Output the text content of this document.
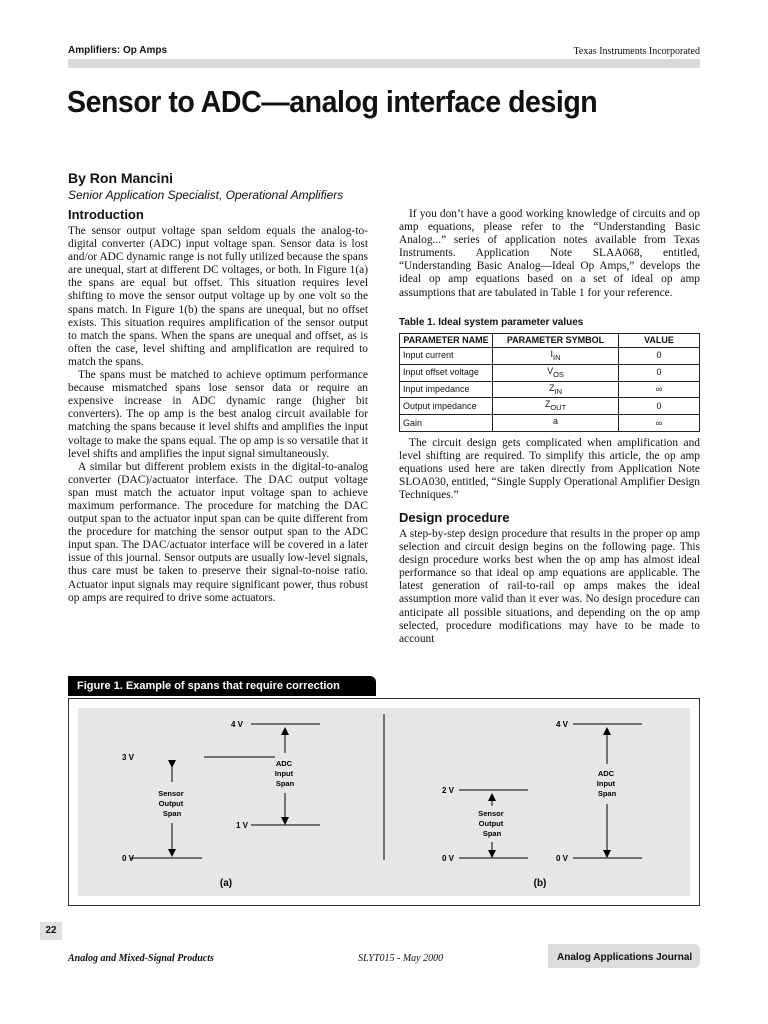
Amplifiers: Op Amps	Texas Instruments Incorporated
Sensor to ADC—analog interface design
By Ron Mancini
Senior Application Specialist, Operational Amplifiers
Introduction

The sensor output voltage span seldom equals the analog-to-digital converter (ADC) input voltage span. Sensor data is lost and/or ADC dynamic range is not fully utilized because the spans are unequal, start at different DC voltages, or both. In Figure 1(a) the spans are equal but offset. This situation requires level shifting to move the sensor output voltage up by one volt so the spans match. In Figure 1(b) the spans are unequal, but no offset exists. This situation requires amplification of the sensor output to match the spans. When the spans are unequal and offset, as is often the case, level shifting and amplification are required to match the spans.

The spans must be matched to achieve optimum performance because mismatched spans lose sensor data or require an expensive increase in ADC dynamic range (higher bit converters). The op amp is the best analog circuit available for matching the spans because it level shifts and amplifies the input voltage to make the spans equal. The op amp is so versatile that it level shifts and amplifies the input signal simultaneously.

A similar but different problem exists in the digital-to-analog converter (DAC)/actuator interface. The DAC output voltage span must match the actuator input voltage span to achieve maximum performance. The procedure for matching the DAC output span to the actuator input span can be quite different from the procedure for matching the sensor output span to the ADC input span. The DAC/actuator interface will be covered in a later issue of this journal. Sensor outputs are usually low-level signals, thus care must be taken to preserve their signal-to-noise ratio. Actuator input signals may require significant power, thus robust op amps are required to drive some actuators.

If you don’t have a good working knowledge of circuits and op amp equations, please refer to the “Understanding Basic Analog...” series of application notes available from Texas Instruments. Application Note SLAA068, entitled, “Understanding Basic Analog—Ideal Op Amps,” develops the ideal op amp equations based on a set of ideal op amp assumptions that are tabulated in Table 1 for your reference.

Table 1. Ideal system parameter values
PARAMETER NAME	PARAMETER SYMBOL	VALUE
Input current	$I_{IN}$	0
Input offset voltage	$V_{OS}$	0
Input impedance	$Z_{IN}$	∞
Output impedance	$Z_{OUT}$	0
Gain	a	∞

The circuit design gets complicated when amplification and level shifting are required. To simplify this article, the op amp equations used here are taken directly from Application Note SLOA030, entitled, “Single Supply Operational Amplifier Design Techniques.”

Design procedure

A step-by-step design procedure that results in the proper op amp selection and circuit design begins on the following page. This design procedure works best when the op amp has almost ideal performance so that ideal op amp equations are applicable. The latest generation of rail-to-rail op amps makes the ideal assumption more valid than it ever was. No design procedure can anticipate all possible situations, and depending on the op amp selected, procedure modifications may have to be made to account

Figure 1. Example of spans that require correction
4 V
3 V
1 V
0 V
Sensor Output Span
ADC Input Span
(a)
4 V
2 V
0 V	0 V
Sensor Output Span
ADC Input Span
(b)
22
Analog and Mixed-Signal Products	SLYT015 - May 2000	Analog Applications Journal
